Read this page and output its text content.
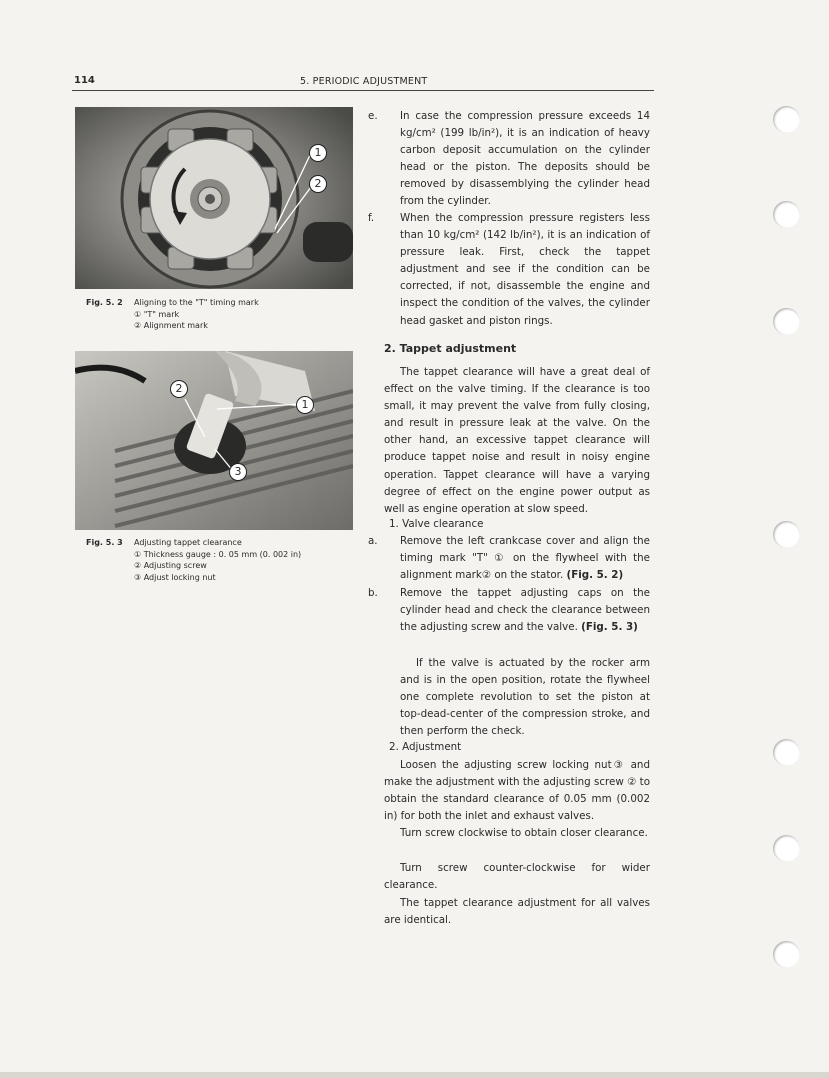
114	5. PERIODIC ADJUSTMENT
1
2
Fig. 5. 2 Aligning to the "T" timing mark
① "T" mark
② Alignment mark
2
1
3
Fig. 5. 3 Adjusting tappet clearance
① Thickness gauge : 0. 05 mm (0. 002 in)
② Adjusting screw
③ Adjust locking nut

e. In case the compression pressure exceeds 14 kg/cm² (199 lb/in²), it is an indication of heavy carbon deposit accumulation on the cylinder head or the piston. The deposits should be removed by disassemblying the cylinder head from the cylinder.

f.	When the compression pressure registers less than 10 kg/cm² (142 lb/in²), it is an indication of pressure leak. First, check the tappet adjustment and see if the condition can be corrected, if not, disassemble the engine and inspect the condition of the valves, the cylinder head gasket and piston rings.

2. Tappet adjustment

The tappet clearance will have a great deal of effect on the valve timing. If the clearance is too small, it may prevent the valve from fully closing, and result in pressure leak at the valve. On the other hand, an excessive tappet clearance will produce tappet noise and result in noisy engine operation. Tappet clearance will have a varying degree of effect on the engine power output as well as engine operation at slow speed.

1. Valve clearance

a. Remove the left crankcase cover and align the timing mark "T" ① on the flywheel with the alignment mark② on the stator. (Fig. 5. 2)

b. Remove the tappet adjusting caps on the cylinder head and check the clearance between the adjusting screw and the valve. (Fig. 5. 3)

If the valve is actuated by the rocker arm and is in the open position, rotate the flywheel one complete revolution to set the piston at top-dead-center of the compression stroke, and then perform the check.

2. Adjustment

Loosen the adjusting screw locking nut③ and make the adjustment with the adjusting screw ② to obtain the standard clearance of 0.05 mm (0.002 in) for both the inlet and exhaust valves.

Turn screw clockwise to obtain closer clearance.

Turn screw counter-clockwise for wider clearance.

The tappet clearance adjustment for all valves are identical.
